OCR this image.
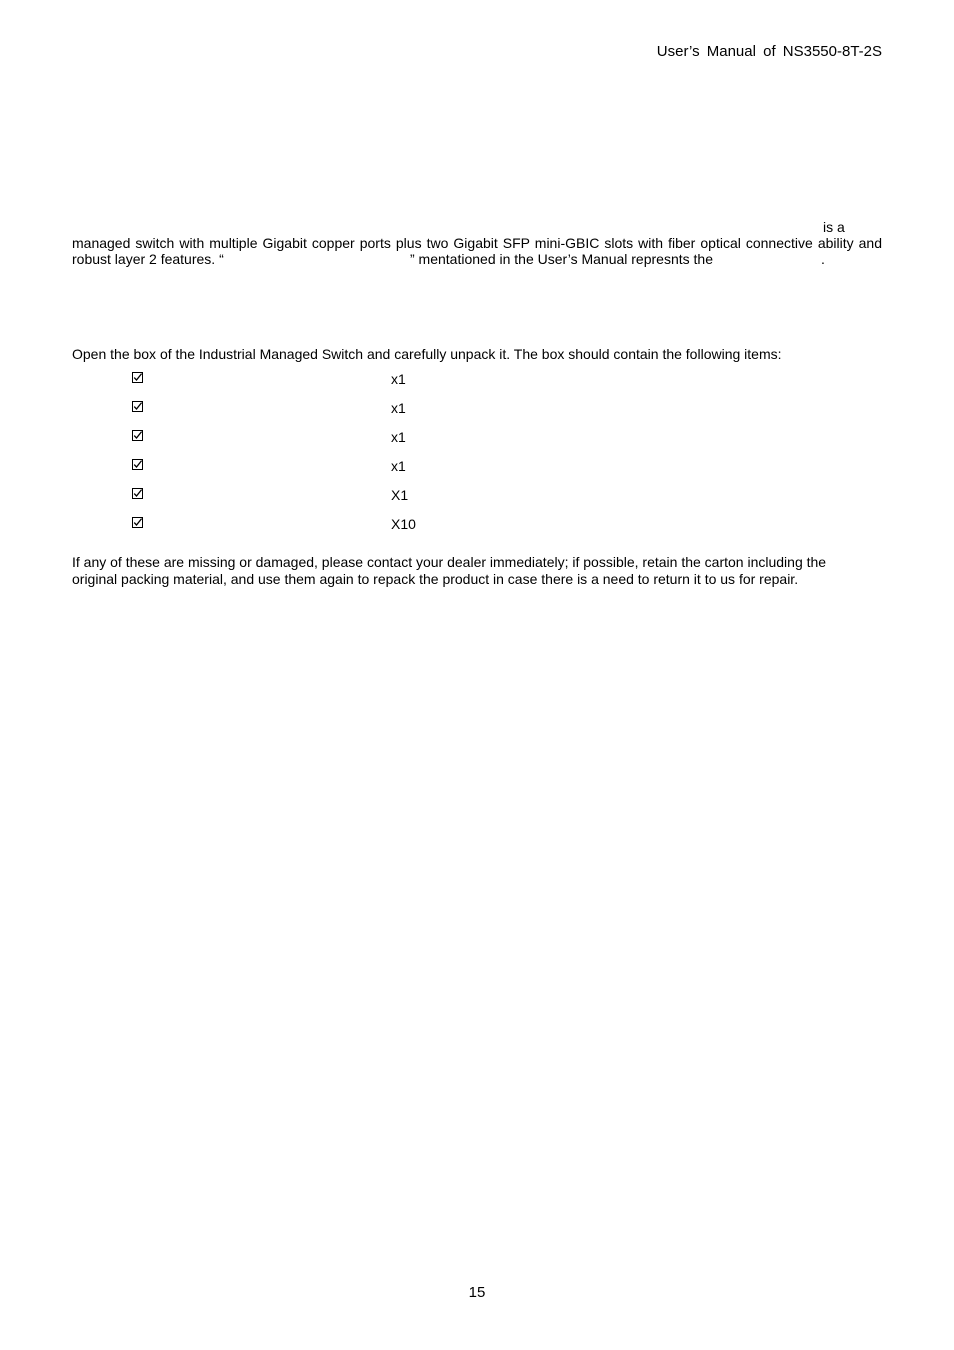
User’s Manual of NS3550-8T-2S
is a
managed switch with multiple Gigabit copper ports plus two Gigabit SFP mini-GBIC slots with fiber optical connective ability and
robust layer 2 features. “	” mentationed in the User’s Manual represnts the	.
Open the box of the Industrial Managed Switch and carefully unpack it. The box should contain the following items:
x1
x1
x1
x1
X1
X10

If any of these are missing or damaged, please contact your dealer immediately; if possible, retain the carton including the

original packing material, and use them again to repack the product in case there is a need to return it to us for repair.

15
